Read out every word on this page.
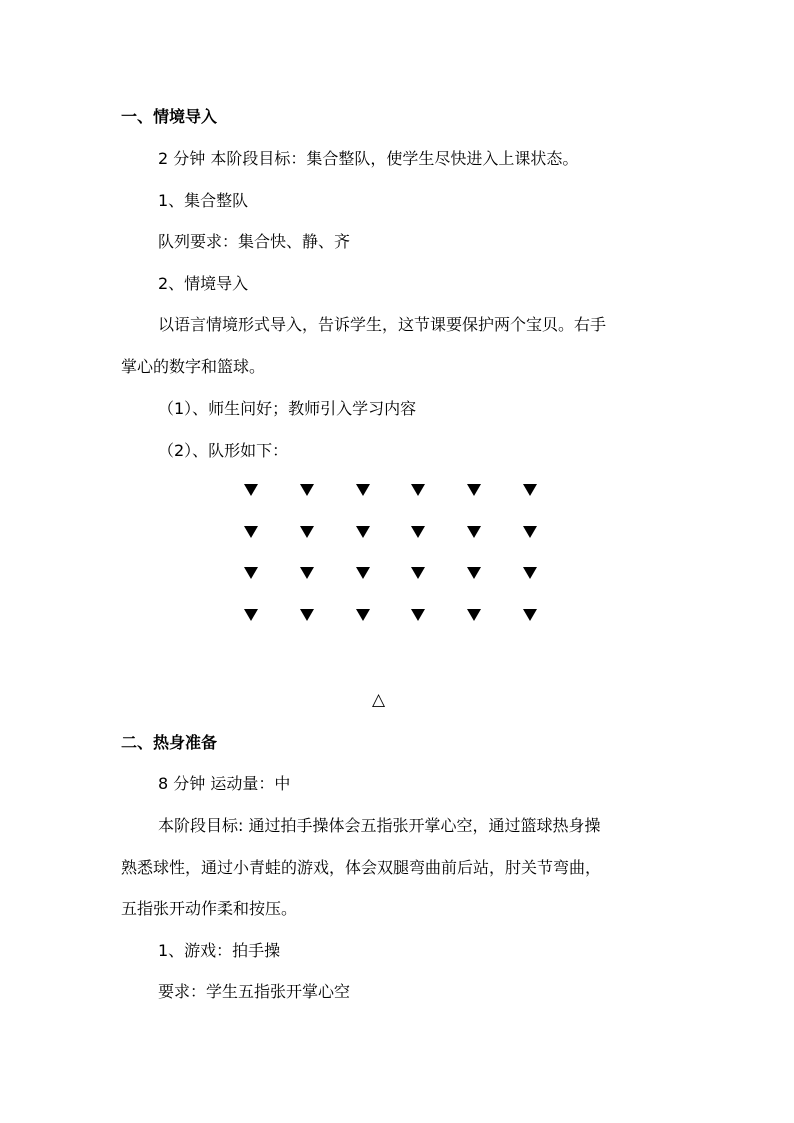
一、情境导入
2 分钟 本阶段目标：集合整队，使学生尽快进入上课状态。
1、集合整队
队列要求：集合快、静、齐
2、情境导入
以语言情境形式导入，告诉学生，这节课要保护两个宝贝。右手
掌心的数字和篮球。
（1）、师生问好；教师引入学习内容
（2）、队形如下：
△
二、热身准备
8 分钟 运动量：中
本阶段目标: 通过拍手操体会五指张开掌心空，通过篮球热身操
熟悉球性，通过小青蛙的游戏，体会双腿弯曲前后站，肘关节弯曲，
五指张开动作柔和按压。
1、游戏：拍手操
要求：学生五指张开掌心空
